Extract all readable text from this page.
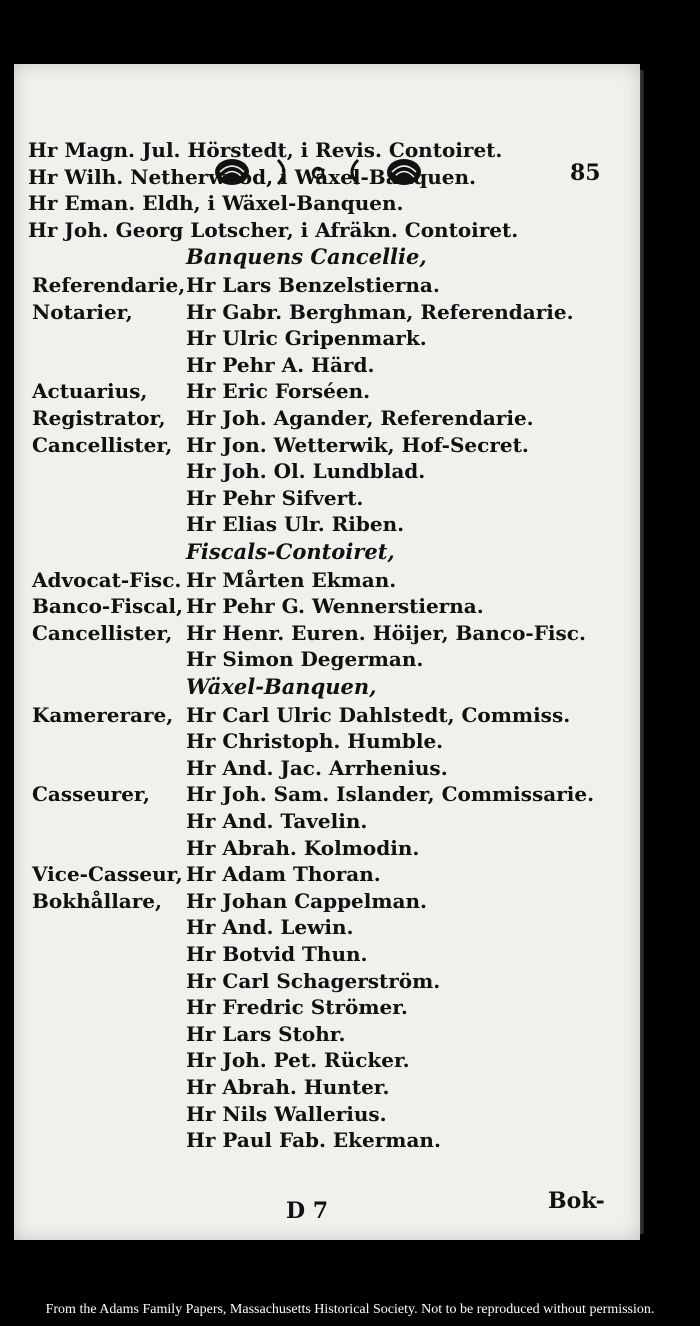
85
Hr Magn. Jul. Hörstedt, i Revis. Contoiret.
Hr Wilh. Netherwood, i Wäxel-Banquen.
Hr Eman. Eldh, i Wäxel-Banquen.
Hr Joh. Georg Lotscher, i Afräkn. Contoiret.
Banquens Cancellie,
Referendarie, Hr Lars Benzelstierna.
Notarier,	Hr Gabr. Berghman, Referendarie.
Hr Ulric Gripenmark.
Hr Pehr A. Härd.
Actuarius, Hr Eric Forséen.
Registrator, Hr Joh. Agander, Referendarie.
Cancellister, Hr Jon. Wetterwik, Hof-Secret.
Hr Joh. Ol. Lundblad.
Hr Pehr Sifvert.
Hr Elias Ulr. Riben.
Fiscals-Contoiret,
Advocat-Fisc. Hr Mårten Ekman.
Banco-Fiscal, Hr Pehr G. Wennerstierna.
Cancellister, Hr Henr. Euren. Höijer, Banco-Fisc.
Hr Simon Degerman.
Wäxel-Banquen,
Kamererare, Hr Carl Ulric Dahlstedt, Commiss.
Hr Christoph. Humble.
Hr And. Jac. Arrhenius.
Casseurer, Hr Joh. Sam. Islander, Commissarie.
Hr And. Tavelin.
Hr Abrah. Kolmodin.
Vice-Casseur, Hr Adam Thoran.
Bokhållare, Hr Johan Cappelman.
Hr And. Lewin.
Hr Botvid Thun.
Hr Carl Schagerström.
Hr Fredric Strömer.
Hr Lars Stohr.
Hr Joh. Pet. Rücker.
Hr Abrah. Hunter.
Hr Nils Wallerius.
Hr Paul Fab. Ekerman.
D 7	Bok-
From the Adams Family Papers, Massachusetts Historical Society. Not to be reproduced without permission.
